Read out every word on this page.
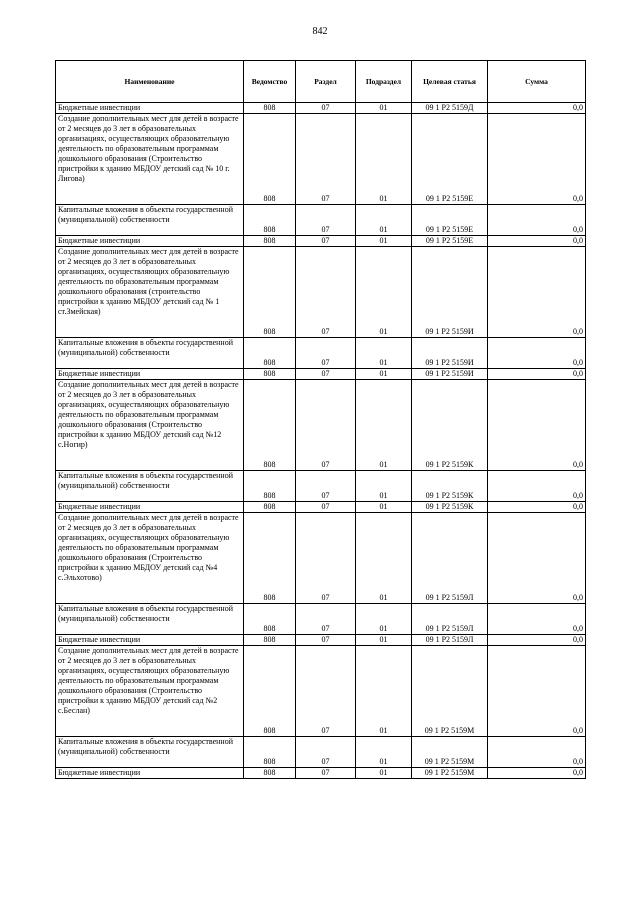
842
Наименование	Ведомство	Раздел	Подраздел	Целевая статья	Сумма
Бюджетные инвестиции	808	07	01	09 1 Р2 5159Д	0,0

Создание дополнительных мест для детей в возрасте от 2 месяцев до 3 лет в образовательных организациях, осуществляющих образовательную деятельность по образовательным программам дошкольного образования (Строительство пристройки к зданию МБДОУ детский сад № 10 г. Лигова)	808	07	01	09 1 Р2 5159Е	0,0

Капитальные вложения в объекты государственной (муниципальной) собственности	808	07	01	09 1 Р2 5159Е	0,0
Бюджетные инвестиции	808	07	01	09 1 Р2 5159Е	0,0

Создание дополнительных мест для детей в возрасте от 2 месяцев до 3 лет в образовательных организациях, осуществляющих образовательную деятельность по образовательным программам дошкольного образования (строительство пристройки к зданию МБДОУ детский сад № 1 ст.Змейская)	808	07	01	09 1 Р2 5159И	0,0

Капитальные вложения в объекты государственной (муниципальной) собственности	808	07	01	09 1 Р2 5159И	0,0
Бюджетные инвестиции	808	07	01	09 1 Р2 5159И	0,0

Создание дополнительных мест для детей в возрасте от 2 месяцев до 3 лет в образовательных организациях, осуществляющих образовательную деятельность по образовательным программам дошкольного образования (Строительство пристройки к зданию МБДОУ детский сад №12 с.Ногир)	808	07	01	09 1 Р2 5159К	0,0

Капитальные вложения в объекты государственной (муниципальной) собственности	808	07	01	09 1 Р2 5159К	0,0
Бюджетные инвестиции	808	07	01	09 1 Р2 5159К	0,0

Создание дополнительных мест для детей в возрасте от 2 месяцев до 3 лет в образовательных организациях, осуществляющих образовательную деятельность по образовательным программам дошкольного образования (Строительство пристройки к зданию МБДОУ детский сад №4 с.Эльхотово)	808	07	01	09 1 Р2 5159Л	0,0

Капитальные вложения в объекты государственной (муниципальной) собственности	808	07	01	09 1 Р2 5159Л	0,0
Бюджетные инвестиции	808	07	01	09 1 Р2 5159Л	0,0

Создание дополнительных мест для детей в возрасте от 2 месяцев до 3 лет в образовательных организациях, осуществляющих образовательную деятельность по образовательным программам дошкольного образования (Строительство пристройки к зданию МБДОУ детский сад №2 с.Беслан)	808	07	01	09 1 Р2 5159М	0,0

Капитальные вложения в объекты государственной (муниципальной) собственности	808	07	01	09 1 Р2 5159М	0,0
Бюджетные инвестиции	808	07	01	09 1 Р2 5159М	0,0
